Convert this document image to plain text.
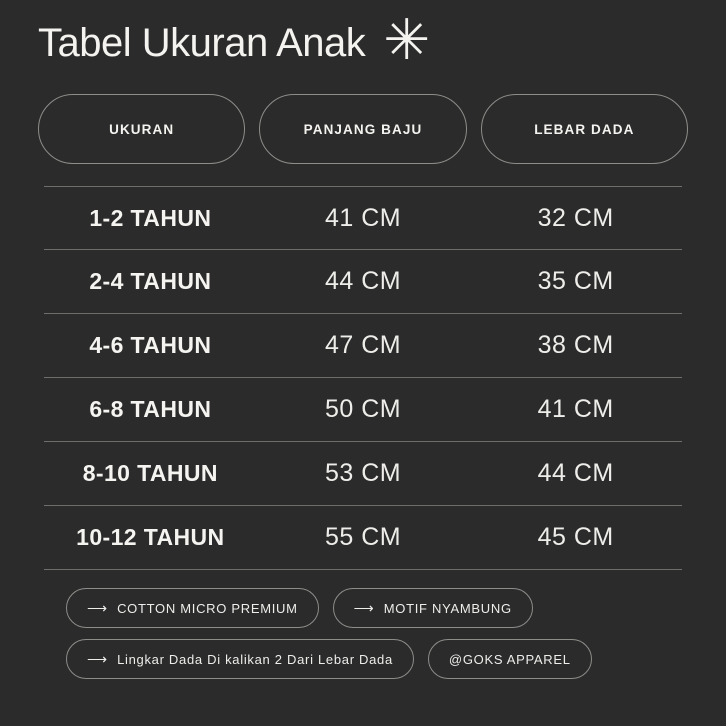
Tabel Ukuran Anak ✳
UKURAN	PANJANG BAJU	LEBAR DADA
1-2 TAHUN	41 CM	32 CM
2-4 TAHUN	44 CM	35 CM
4-6 TAHUN	47 CM	38 CM
6-8 TAHUN	50 CM	41 CM
8-10 TAHUN	53 CM	44 CM
10-12 TAHUN	55 CM	45 CM
⟶ COTTON MICRO PREMIUM	⟶ MOTIF NYAMBUNG
⟶ Lingkar Dada Di kalikan 2 Dari Lebar Dada	@GOKS APPAREL
